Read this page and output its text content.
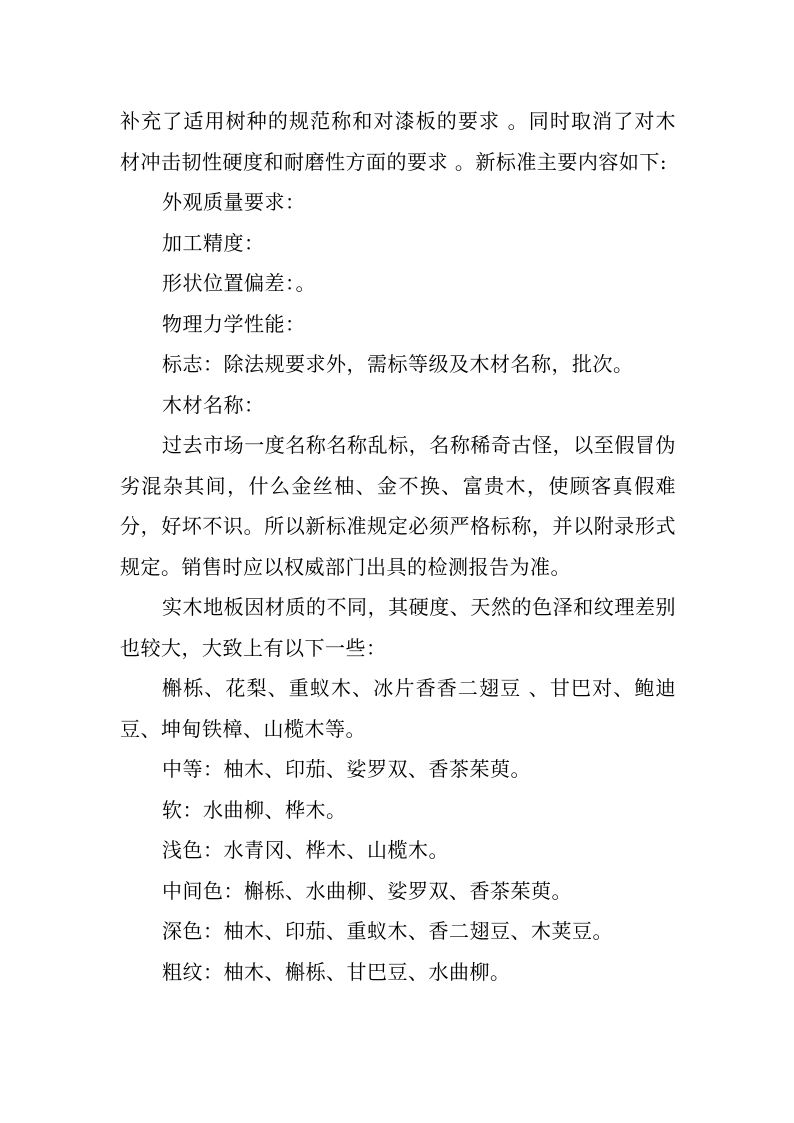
补充了适用树种的规范称和对漆板的要求 。同时取消了对木材冲击韧性硬度和耐磨性方面的要求 。新标准主要内容如下:

外观质量要求：

加工精度：

形状位置偏差：。

物理力学性能：

标志：除法规要求外，需标等级及木材名称，批次。

木材名称：

过去市场一度名称名称乱标，名称稀奇古怪，以至假冒伪劣混杂其间，什么金丝柚、金不换、富贵木，使顾客真假难分，好坏不识。所以新标准规定必须严格标称，并以附录形式规定。销售时应以权威部门出具的检测报告为准。

实木地板因材质的不同，其硬度、天然的色泽和纹理差别也较大，大致上有以下一些：

槲栎、花梨、重蚁木、冰片香香二翅豆 、甘巴对、鲍迪豆、坤甸铁樟、山榄木等。

中等：柚木、印茄、娑罗双、香茶茱萸。

软：水曲柳、桦木。

浅色：水青冈、桦木、山榄木。

中间色：槲栎、水曲柳、娑罗双、香茶茱萸。

深色：柚木、印茄、重蚁木、香二翅豆、木荚豆。

粗纹：柚木、槲栎、甘巴豆、水曲柳。
